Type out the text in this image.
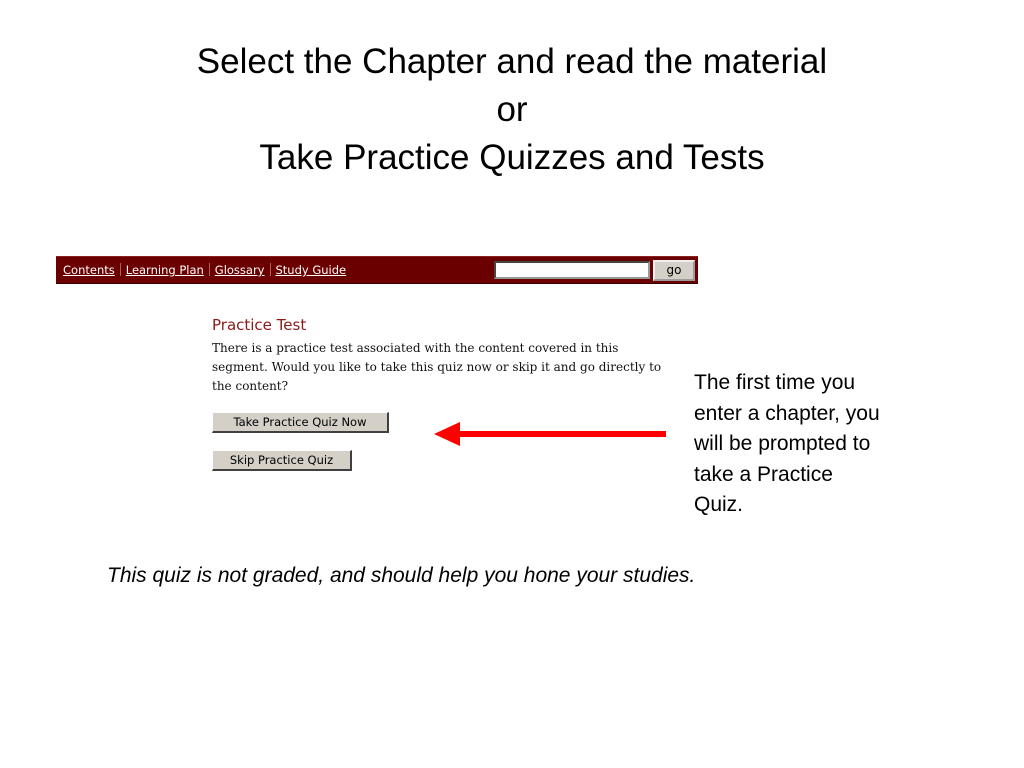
Select the Chapter and read the material
or
Take Practice Quizzes and Tests
Contents Learning Plan Glossary Study Guide	go
Practice Test
There is a practice test associated with the content covered in this
segment. Would you like to take this quiz now or skip it and go directly to
the content?
Take Practice Quiz Now
Skip Practice Quiz
The first time you
enter a chapter, you
will be prompted to
take a Practice
Quiz.
This quiz is not graded, and should help you hone your studies.
